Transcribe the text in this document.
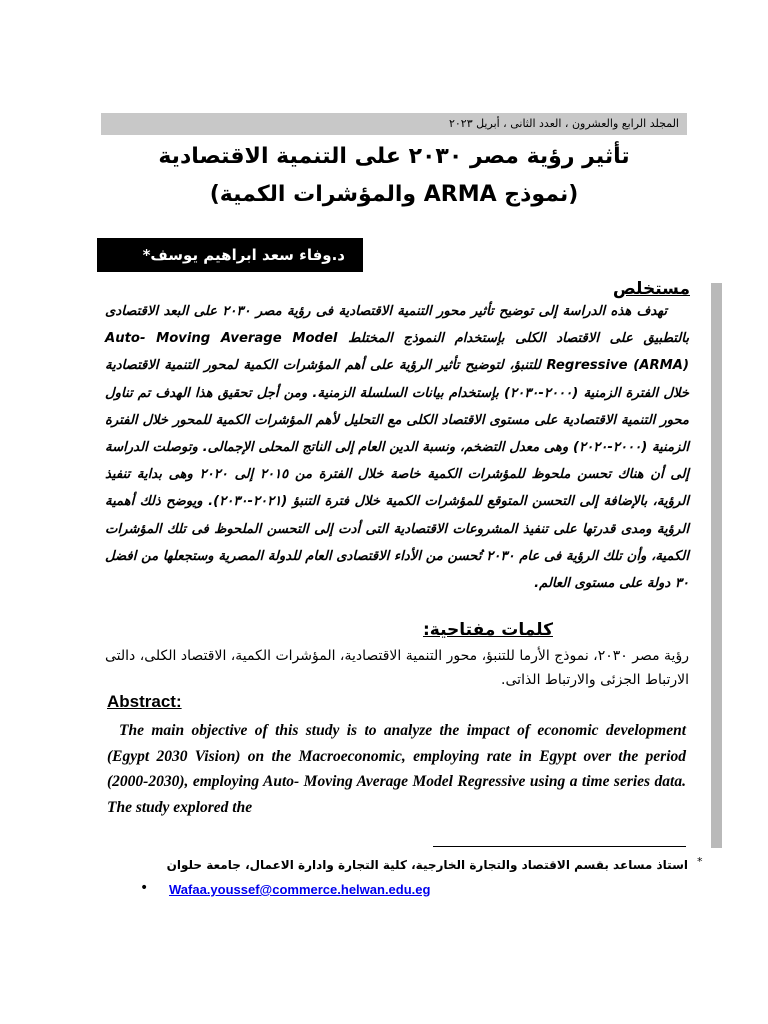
المجلد الرابع والعشرون ، العدد الثانى ، أبريل ٢٠٢٣
تأثير رؤية مصر ٢٠٣٠ على التنمية الاقتصادية
(نموذج ARMA والمؤشرات الكمية)
د.وفاء سعد ابراهيم يوسف*
مستخلص

تهدف هذه الدراسة إلى توضيح تأثير محور التنمية الاقتصادية فى رؤية مصر ٢٠٣٠ على البعد الاقتصادى بالتطبيق على الاقتصاد الكلى بإستخدام النموذج المختلط Auto- Moving Average Model Regressive (ARMA) للتنبؤ، لتوضيح تأثير الرؤية على أهم المؤشرات الكمية لمحور التنمية الاقتصادية خلال الفترة الزمنية (٢٠٠٠-٢٠٣٠) بإستخدام بيانات السلسلة الزمنية. ومن أجل تحقيق هذا الهدف تم تناول محور التنمية الاقتصادية على مستوى الاقتصاد الكلى مع التحليل لأهم المؤشرات الكمية للمحور خلال الفترة الزمنية (٢٠٠٠-٢٠٢٠) وهى معدل التضخم، ونسبة الدين العام إلى الناتج المحلى الإجمالى. وتوصلت الدراسة إلى أن هناك تحسن ملحوظ للمؤشرات الكمية خاصة خلال الفترة من ٢٠١٥ إلى ٢٠٢٠ وهى بداية تنفيذ الرؤية، بالإضافة إلى التحسن المتوقع للمؤشرات الكمية خلال فترة التنبؤ (٢٠٢١-٢٠٣٠). ويوضح ذلك أهمية الرؤية ومدى قدرتها على تنفيذ المشروعات الاقتصادية التى أدت إلى التحسن الملحوظ فى تلك المؤشرات الكمية، وأن تلك الرؤية فى عام ٢٠٣٠ تُحسن من الأداء الاقتصادى العام للدولة المصرية وستجعلها من افضل ٣٠ دولة على مستوى العالم.

كلمات مفتاحية:
رؤية مصر ٢٠٣٠، نموذج الأرما للتنبؤ، محور التنمية الاقتصادية، المؤشرات الكمية، الاقتصاد الكلى، دالتى الارتباط الجزئى والارتباط الذاتى.
Abstract:

The main objective of this study is to analyze the impact of economic development (Egypt 2030 Vision) on the Macroeconomic, employing rate in Egypt over the period (2000-2030), employing Auto- Moving Average Model Regressive using a time series data. The study explored the

*
استاذ مساعد بقسم الاقتصاد والتجارة الخارجية، كلية التجارة وادارة الاعمال، جامعة حلوان
• Wafaa.youssef@commerce.helwan.edu.eg
